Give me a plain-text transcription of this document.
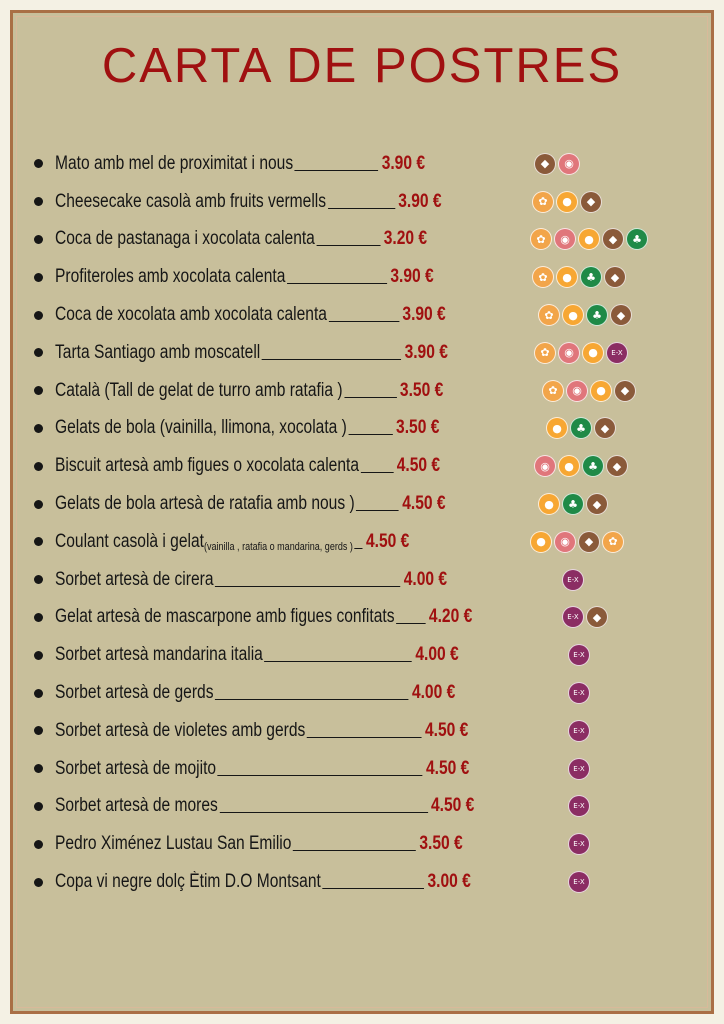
CARTA DE POSTRES
Mato amb mel de proximitat i nous	3.90 €	◆	◉
Cheesecake casolà amb fruits vermells	3.90 €	✿	●	◆
Coca de pastanaga i xocolata calenta	3.20 €	✿	◉	●	◆	♣
Profiteroles amb xocolata calenta	3.90 €	✿	●	♣	◆
Coca de xocolata amb xocolata calenta	3.90 €	✿	●	♣	◆
Tarta Santiago amb moscatell	3.90 €	✿	◉	●	E-X
Català (Tall de gelat de turro amb ratafia )	3.50 €	✿	◉	●	◆
Gelats de bola (vainilla, llimona, xocolata )	3.50 €	●	♣	◆
Biscuit artesà amb figues o xocolata calenta 4.50 €	◉	●	♣	◆
Gelats de bola artesà de ratafia amb nous )	4.50 €	●	♣	◆
Coulant casolà i gelat (vainilla , ratafia o mandarina, gerds ) 4.50 €	●	◉	◆	✿
Sorbet artesà de cirera	4.00 €	E-X
Gelat artesà de mascarpone amb figues confitats 4.20 €	E-X	◆
Sorbet artesà mandarina italia	4.00 €	E-X
Sorbet artesà de gerds	4.00 €	E-X
Sorbet artesà de violetes amb gerds	4.50 €	E-X
Sorbet artesà de mojito	4.50 €	E-X
Sorbet artesà de mores	4.50 €	E-X
Pedro Ximénez Lustau San Emilio	3.50 €	E-X
Copa vi negre dolç Ètim D.O Montsant	3.00 €	E-X
